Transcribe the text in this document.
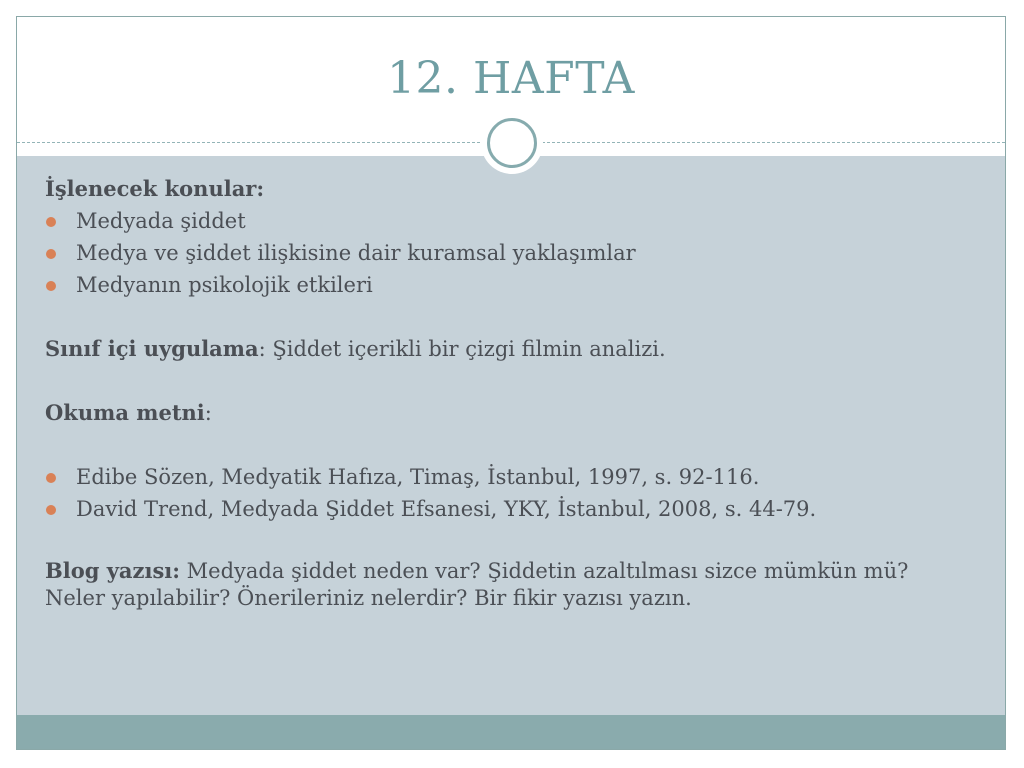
12. HAFTA

İşlenecek konular:

Medyada şiddet
Medya ve şiddet ilişkisine dair kuramsal yaklaşımlar
Medyanın psikolojik etkileri

Sınıf içi uygulama: Şiddet içerikli bir çizgi filmin analizi.

Okuma metni:

Edibe Sözen, Medyatik Hafıza, Timaş, İstanbul, 1997, s. 92-116.
David Trend, Medyada Şiddet Efsanesi, YKY, İstanbul, 2008, s. 44-79.

Blog yazısı: Medyada şiddet neden var? Şiddetin azaltılması sizce mümkün mü? Neler yapılabilir? Önerileriniz nelerdir? Bir fikir yazısı yazın.
